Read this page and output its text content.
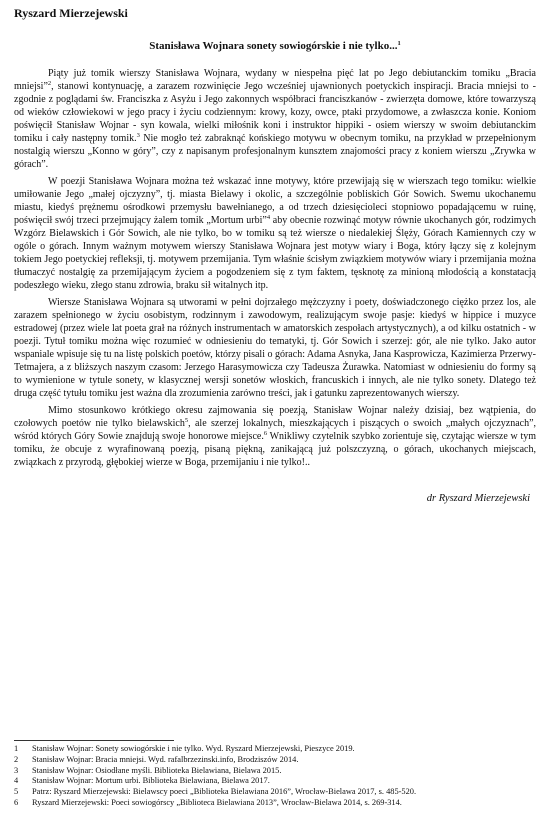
Ryszard Mierzejewski

Stanisława Wojnara sonety sowiogórskie i nie tylko...$^1$

Piąty już tomik wierszy Stanisława Wojnara, wydany w niespełna pięć lat po Jego debiutanckim tomiku „Bracia mniejsi”$^2$, stanowi kontynuację, a zarazem rozwinięcie Jego wcześniej ujawnionych poetyckich inspiracji. Bracia mniejsi to - zgodnie z poglądami św. Franciszka z Asyżu i Jego zakonnych współbraci franciszkanów - zwierzęta domowe, które towarzyszą od wieków człowiekowi w jego pracy i życiu codziennym: krowy, kozy, owce, ptaki przydomowe, a zwłaszcza konie. Koniom poświęcił Stanisław Wojnar - syn kowala, wielki miłośnik koni i instruktor hippiki - osiem wierszy w swoim debiutanckim tomiku i cały następny tomik.$^3$ Nie mogło też zabraknąć końskiego motywu w obecnym tomiku, na przykład w przepełnionym nostalgią wierszu „Konno w góry”, czy z napisanym profesjonalnym kunsztem znajomości pracy z koniem wierszu „Zrywka w górach”.

W poezji Stanisława Wojnara można też wskazać inne motywy, które przewijają się w wierszach tego tomiku: wielkie umiłowanie Jego „małej ojczyzny”, tj. miasta Bielawy i okolic, a szczególnie pobliskich Gór Sowich. Swemu ukochanemu miastu, kiedyś prężnemu ośrodkowi przemysłu bawełnianego, a od trzech dziesięcioleci stopniowo popadającemu w ruinę, poświęcił swój trzeci przejmujący żalem tomik „Mortum urbi”$^4$ aby obecnie rozwinąć motyw równie ukochanych gór, rodzimych Wzgórz Bielawskich i Gór Sowich, ale nie tylko, bo w tomiku są też wiersze o niedalekiej Ślęży, Górach Kamiennych czy w ogóle o górach. Innym ważnym motywem wierszy Stanisława Wojnara jest motyw wiary i Boga, który łączy się z kolejnym tokiem Jego poetyckiej refleksji, tj. motywem przemijania. Tym właśnie ścisłym związkiem motywów wiary i przemijania można tłumaczyć nostalgię za przemijającym życiem a pogodzeniem się z tym faktem, tęsknotę za minioną młodością a konstatacją podeszłego wieku, złego stanu zdrowia, braku sił witalnych itp.

Wiersze Stanisława Wojnara są utworami w pełni dojrzałego mężczyzny i poety, doświadczonego ciężko przez los, ale zarazem spełnionego w życiu osobistym, rodzinnym i zawodowym, realizującym swoje pasje: kiedyś w hippice i muzyce estradowej (przez wiele lat poeta grał na różnych instrumentach w amatorskich zespołach artystycznych), a od kilku ostatnich - w poezji. Tytuł tomiku można więc rozumieć w odniesieniu do tematyki, tj. Gór Sowich i szerzej: gór, ale nie tylko. Jako autor wspaniale wpisuje się tu na listę polskich poetów, którzy pisali o górach: Adama Asnyka, Jana Kasprowicza, Kazimierza Przerwy-Tetmajera, a z bliższych naszym czasom: Jerzego Harasymowicza czy Tadeusza Żurawka. Natomiast w odniesieniu do formy są to wymienione w tytule sonety, w klasycznej wersji sonetów włoskich, francuskich i innych, ale nie tylko sonety. Dlatego też druga część tytułu tomiku jest ważna dla zrozumienia zarówno treści, jak i gatunku zaprezentowanych wierszy.

Mimo stosunkowo krótkiego okresu zajmowania się poezją, Stanisław Wojnar należy dzisiaj, bez wątpienia, do czołowych poetów nie tylko bielawskich$^5$, ale szerzej lokalnych, mieszkających i piszących o swoich „małych ojczyznach”, wśród których Góry Sowie znajdują swoje honorowe miejsce.$^6$ Wnikliwy czytelnik szybko zorientuje się, czytając wiersze w tym tomiku, że obcuje z wyrafinowaną poezją, pisaną piękną, zanikającą już polszczyzną, o górach, ukochanych miejscach, związkach z przyrodą, głębokiej wierze w Boga, przemijaniu i nie tylko!..

dr Ryszard Mierzejewski
1	Stanisław Wojnar: Sonety sowiogórskie i nie tylko. Wyd. Ryszard Mierzejewski, Pieszyce 2019.
2	Stanisław Wojnar: Bracia mniejsi. Wyd. rafalbrzezinski.info, Brodziszów 2014.
3	Stanisław Wojnar: Osiodłane myśli. Biblioteka Bielawiana, Bielawa 2015.
4	Stanisław Wojnar: Mortum urbi. Biblioteka Bielawiana, Bielawa 2017.
5	Patrz: Ryszard Mierzejewski: Bielawscy poeci „Biblioteka Bielawiana 2016”, Wrocław-Bielawa 2017, s. 485-520.
6	Ryszard Mierzejewski: Poeci sowiogórscy „Biblioteca Bielawiana 2013”, Wrocław-Bielawa 2014, s. 269-314.
